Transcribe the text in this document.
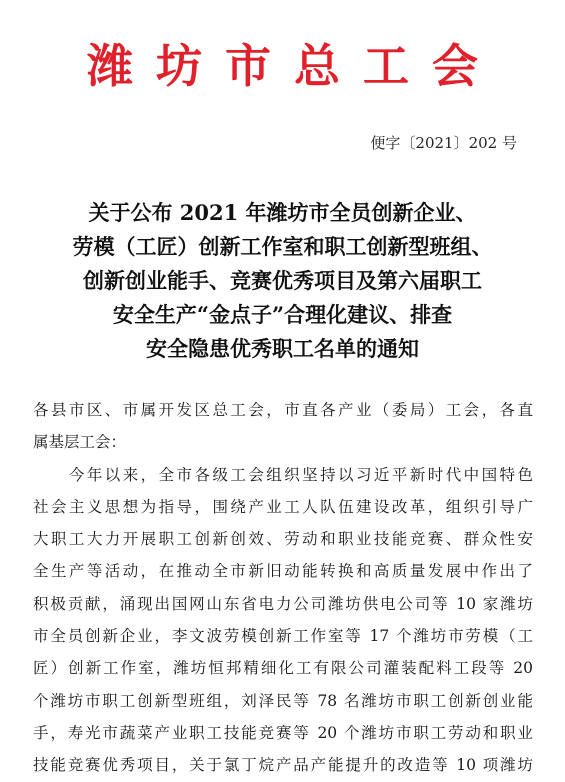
潍坊市总工会
便字〔2021〕202 号
关于公布 2021 年潍坊市全员创新企业、
劳模（工匠）创新工作室和职工创新型班组、
创新创业能手、竞赛优秀项目及第六届职工
安全生产“金点子”合理化建议、排查
安全隐患优秀职工名单的通知
各县市区、市属开发区总工会，市直各产业（委局）工会，各直
属基层工会：
　　今年以来，全市各级工会组织坚持以习近平新时代中国特色
社会主义思想为指导，围绕产业工人队伍建设改革，组织引导广
大职工大力开展职工创新创效、劳动和职业技能竞赛、群众性安
全生产等活动，在推动全市新旧动能转换和高质量发展中作出了
积极贡献，涌现出国网山东省电力公司潍坊供电公司等 10 家潍坊
市全员创新企业，李文波劳模创新工作室等 17 个潍坊市劳模（工
匠）创新工作室，潍坊恒邦精细化工有限公司灌装配料工段等 20
个潍坊市职工创新型班组，刘泽民等 78 名潍坊市职工创新创业能
手，寿光市蔬菜产业职工技能竞赛等 20 个潍坊市职工劳动和职业
技能竞赛优秀项目，关于氯丁烷产品产能提升的改造等 10 项潍坊
